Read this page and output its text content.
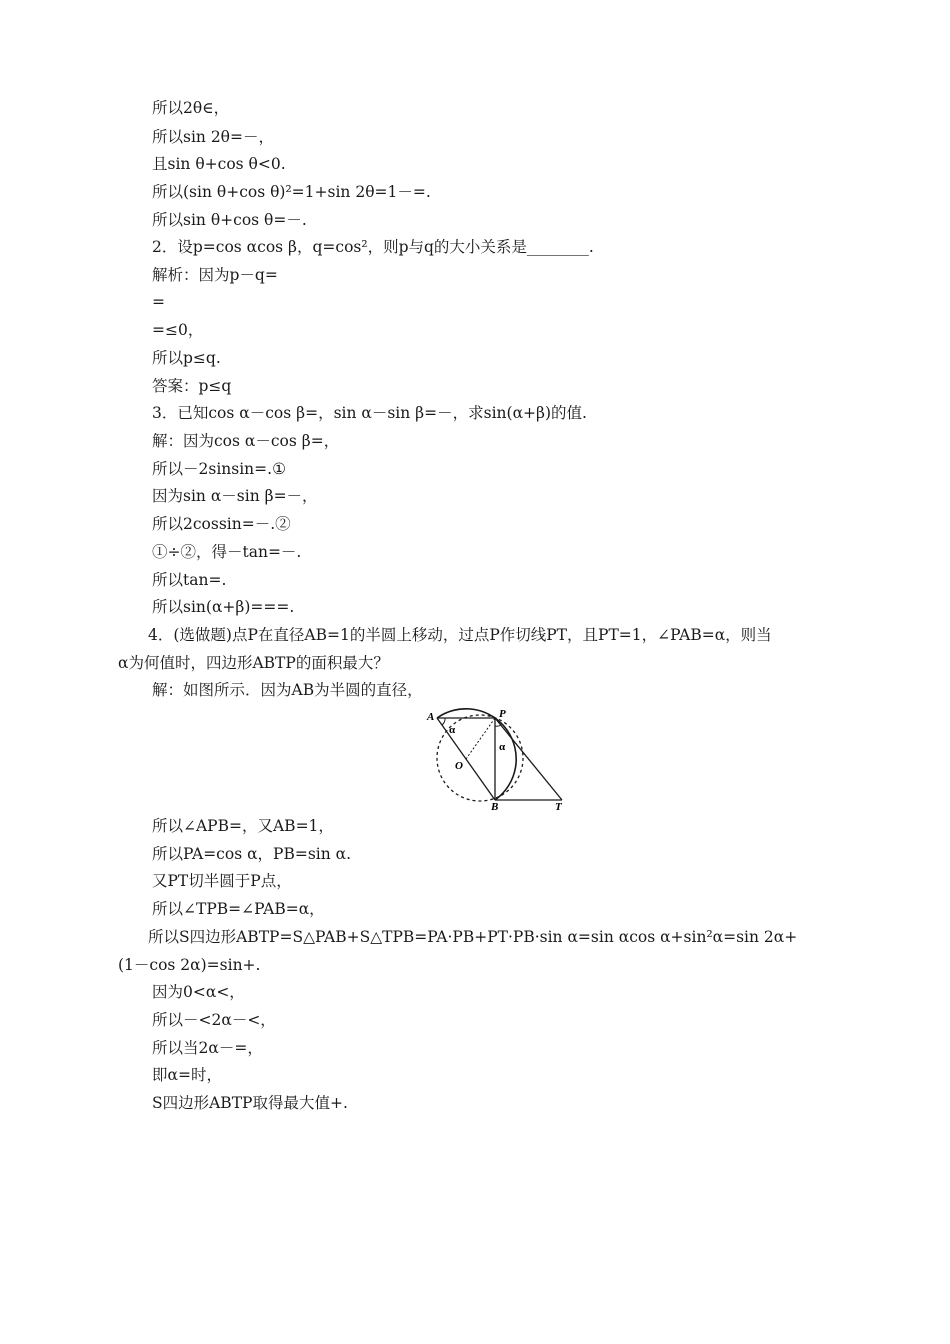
所以2θ∈，
所以sin 2θ=－，
且sin θ+cos θ<0.
所以(sin θ+cos θ)²=1+sin 2θ=1－=.
所以sin θ+cos θ=－.
2．设p=cos αcos β，q=cos²，则p与q的大小关系是________.
解析：因为p－q=
=
=≤0，
所以p≤q.
答案：p≤q
3．已知cos α－cos β=，sin α－sin β=－，求sin(α+β)的值.
解：因为cos α－cos β=，
所以－2sinsin=.①
因为sin α－sin β=－，
所以2cossin=－.②
①÷②，得－tan=－.
所以tan=.
所以sin(α+β)===.
4．(选做题)点P在直径AB=1的半圆上移动，过点P作切线PT，且PT=1，∠PAB=α，则当
α为何值时，四边形ABTP的面积最大？
解：如图所示．因为AB为半圆的直径，
A	P
O
B	T
α
α
所以∠APB=，又AB=1，
所以PA=cos α，PB=sin α.
又PT切半圆于P点，
所以∠TPB=∠PAB=α，
所以S四边形ABTP=S△PAB+S△TPB=PA·PB+PT·PB·sin α=sin αcos α+sin²α=sin 2α+
(1－cos 2α)=sin+.
因为0<α<，
所以－<2α－<，
所以当2α－=，
即α=时，
S四边形ABTP取得最大值+.
